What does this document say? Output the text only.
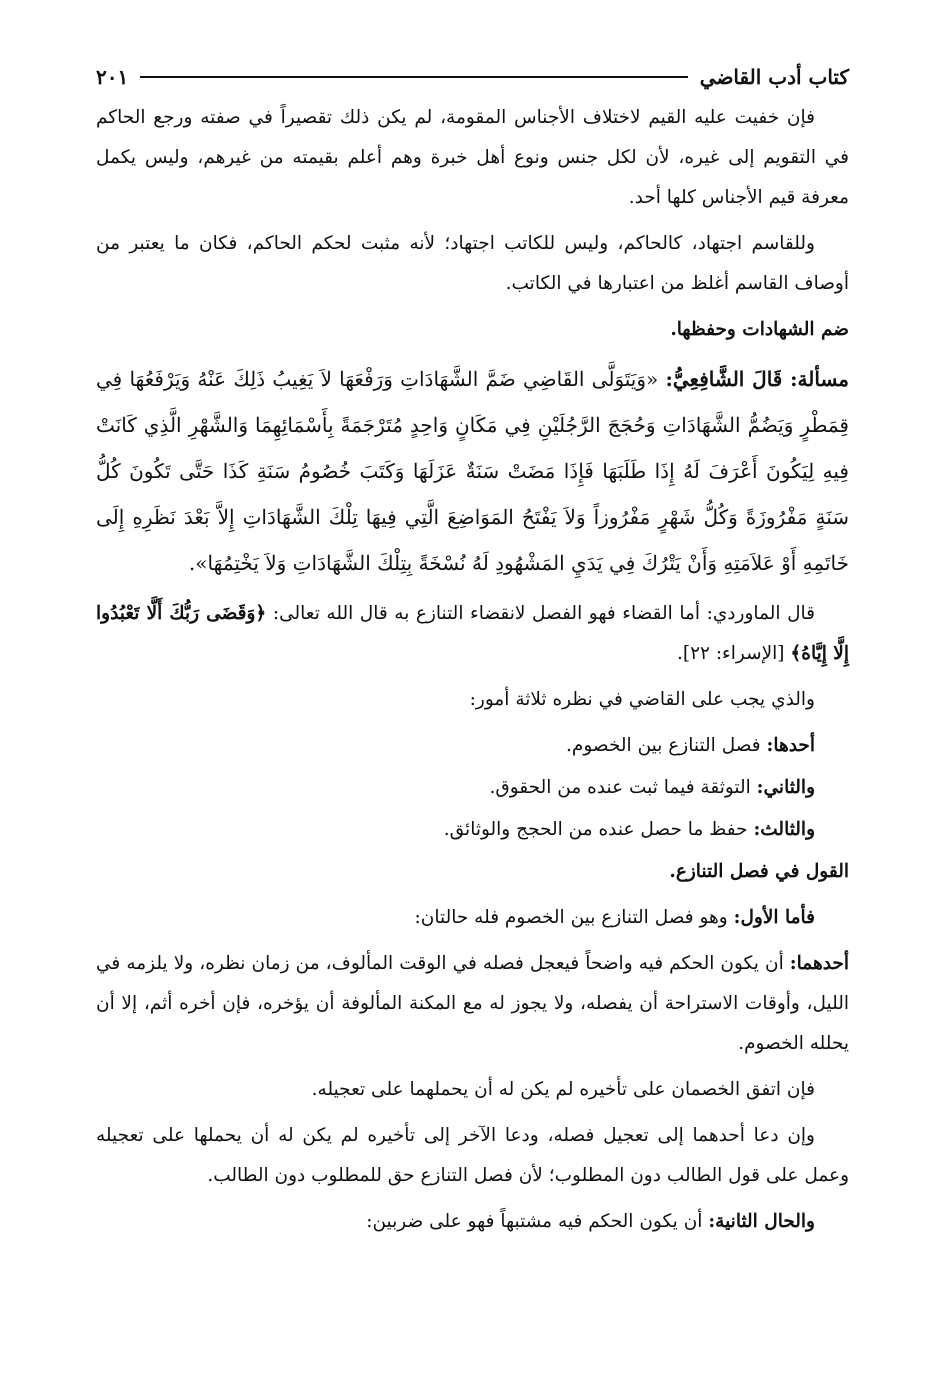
كتاب أدب القاضي
٢٠١

فإن خفيت عليه القيم لاختلاف الأجناس المقومة، لم يكن ذلك تقصيراً في صفته ورجع الحاكم في التقويم إلى غيره، لأن لكل جنس ونوع أهل خبرة وهم أعلم بقيمته من غيرهم، وليس يكمل معرفة قيم الأجناس كلها أحد.

وللقاسم اجتهاد، كالحاكم، وليس للكاتب اجتهاد؛ لأنه مثبت لحكم الحاكم، فكان ما يعتبر من أوصاف القاسم أغلظ من اعتبارها في الكاتب.

ضم الشهادات وحفظها.

مسألة: قَالَ الشَّافِعِيُّ: «وَيَتَوَلَّى القَاضِي ضَمَّ الشَّهَادَاتِ وَرَفْعَهَا لاَ يَغِيبُ ذَلِكَ عَنْهُ وَيَرْفَعُهَا فِي قِمَطْرٍ وَيَضُمُّ الشَّهَادَاتِ وَحُجَجَ الرَّجُلَيْنِ فِي مَكَانٍ وَاحِدٍ مُتَرْجَمَةً بِأَسْمَائِهِمَا وَالشَّهْرِ الَّذِي كَانَتْ فِيهِ لِيَكُونَ أَعْرَفَ لَهُ إِذَا طَلَبَهَا فَإِذَا مَضَتْ سَنَةٌ عَزَلَهَا وَكَتَبَ خُصُومُ سَنَةِ كَذَا حَتَّى تَكُونَ كُلُّ سَنَةٍ مَفْرُوزَةً وَكُلُّ شَهْرٍ مَفْرُوزاً وَلاَ يَفْتَحُ المَوَاضِعَ الَّتِي فِيهَا تِلْكَ الشَّهَادَاتِ إِلاَّ بَعْدَ نَظَرِهِ إِلَى خَاتَمِهِ أَوْ عَلاَمَتِهِ وَأَنْ يَتْرُكَ فِي يَدَيِ المَشْهُودِ لَهُ نُسْخَةً بِتِلْكَ الشَّهَادَاتِ وَلاَ يَخْتِمُهَا».

قال الماوردي: أما القضاء فهو الفصل لانقضاء التنازع به قال الله تعالى: ﴿وَقَضَى رَبُّكَ أَلَّا تَعْبُدُوا إِلَّا إِيَّاهُ﴾ [الإسراء: ٢٢].

والذي يجب على القاضي في نظره ثلاثة أمور:

أحدها: فصل التنازع بين الخصوم.

والثاني: التوثقة فيما ثبت عنده من الحقوق.

والثالث: حفظ ما حصل عنده من الحجج والوثائق.

القول في فصل التنازع.

فأما الأول: وهو فصل التنازع بين الخصوم فله حالتان:

أحدهما: أن يكون الحكم فيه واضحاً فيعجل فصله في الوقت المألوف، من زمان نظره، ولا يلزمه في الليل، وأوقات الاستراحة أن يفصله، ولا يجوز له مع المكنة المألوفة أن يؤخره، فإن أخره أثم، إلا أن يحلله الخصوم.

فإن اتفق الخصمان على تأخيره لم يكن له أن يحملهما على تعجيله.

وإن دعا أحدهما إلى تعجيل فصله، ودعا الآخر إلى تأخيره لم يكن له أن يحملها على تعجيله وعمل على قول الطالب دون المطلوب؛ لأن فصل التنازع حق للمطلوب دون الطالب.

والحال الثانية: أن يكون الحكم فيه مشتبهاً فهو على ضربين:
